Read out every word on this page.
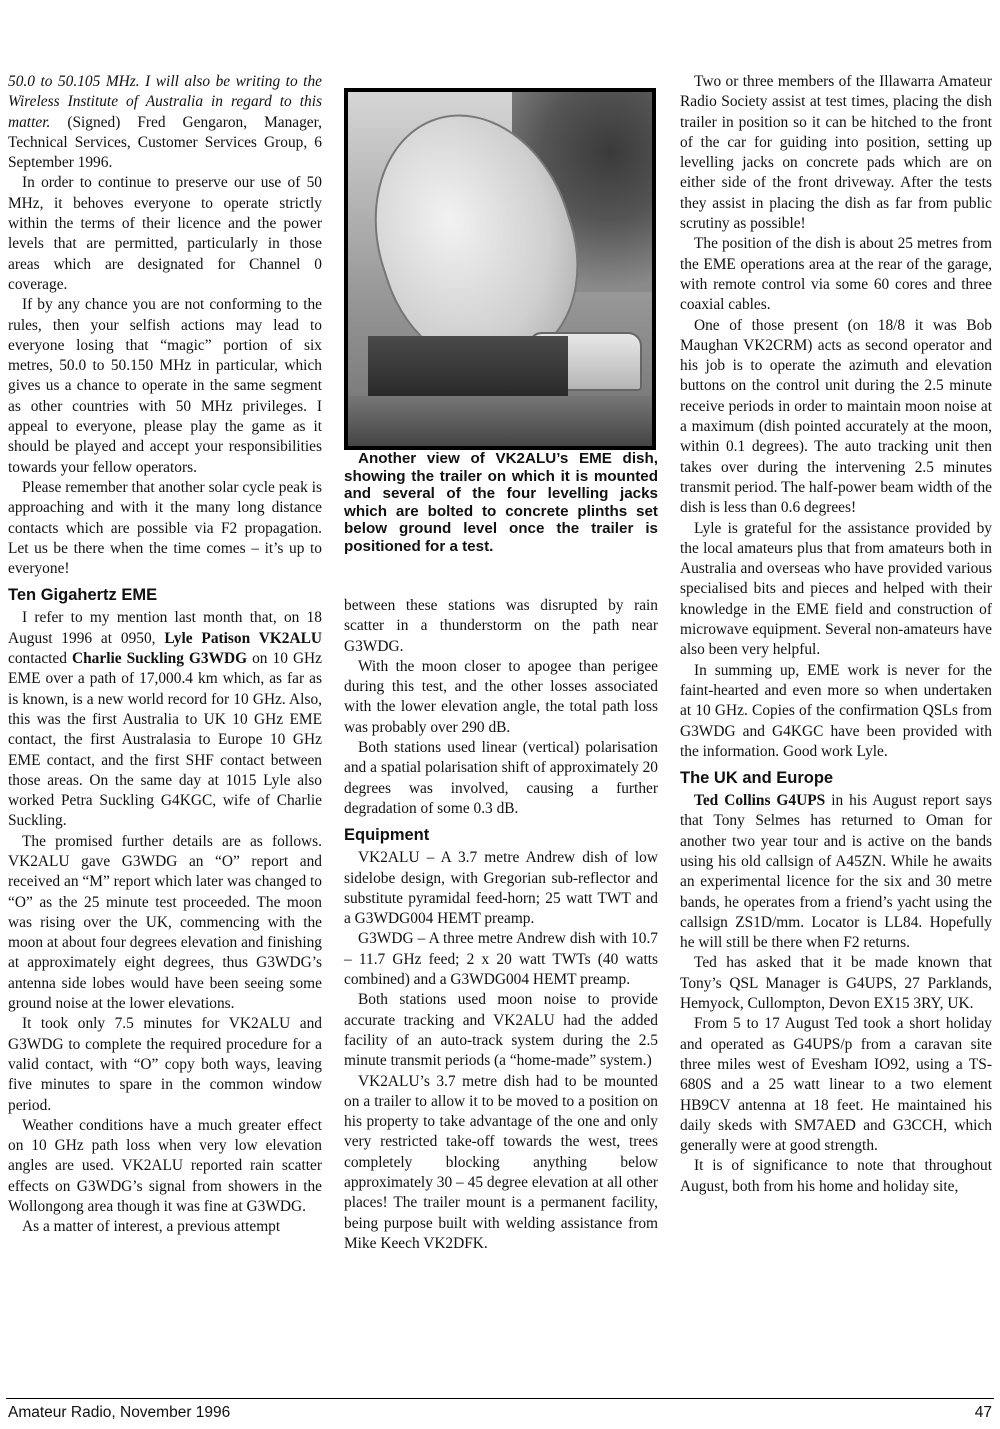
50.0 to 50.105 MHz. I will also be writing to the Wireless Institute of Australia in regard to this matter. (Signed) Fred Gengaron, Manager, Technical Services, Customer Services Group, 6 September 1996.

In order to continue to preserve our use of 50 MHz, it behoves everyone to operate strictly within the terms of their licence and the power levels that are permitted, particularly in those areas which are designated for Channel 0 coverage.

If by any chance you are not conforming to the rules, then your selfish actions may lead to everyone losing that “magic” portion of six metres, 50.0 to 50.150 MHz in particular, which gives us a chance to operate in the same segment as other countries with 50 MHz privileges. I appeal to everyone, please play the game as it should be played and accept your responsibilities towards your fellow operators.

Please remember that another solar cycle peak is approaching and with it the many long distance contacts which are possible via F2 propagation. Let us be there when the time comes – it’s up to everyone!

Ten Gigahertz EME

I refer to my mention last month that, on 18 August 1996 at 0950, Lyle Patison VK2ALU contacted Charlie Suckling G3WDG on 10 GHz EME over a path of 17,000.4 km which, as far as is known, is a new world record for 10 GHz. Also, this was the first Australia to UK 10 GHz EME contact, the first Australasia to Europe 10 GHz EME contact, and the first SHF contact between those areas. On the same day at 1015 Lyle also worked Petra Suckling G4KGC, wife of Charlie Suckling.

The promised further details are as follows. VK2ALU gave G3WDG an “O” report and received an “M” report which later was changed to “O” as the 25 minute test proceeded. The moon was rising over the UK, commencing with the moon at about four degrees elevation and finishing at approximately eight degrees, thus G3WDG’s antenna side lobes would have been seeing some ground noise at the lower elevations.

It took only 7.5 minutes for VK2ALU and G3WDG to complete the required procedure for a valid contact, with “O” copy both ways, leaving five minutes to spare in the common window period.

Weather conditions have a much greater effect on 10 GHz path loss when very low elevation angles are used. VK2ALU reported rain scatter effects on G3WDG’s signal from showers in the Wollongong area though it was fine at G3WDG.

As a matter of interest, a previous attempt

Another view of VK2ALU’s EME dish, showing the trailer on which it is mounted and several of the four levelling jacks which are bolted to concrete plinths set below ground level once the trailer is positioned for a test.

between these stations was disrupted by rain scatter in a thunderstorm on the path near G3WDG.

With the moon closer to apogee than perigee during this test, and the other losses associated with the lower elevation angle, the total path loss was probably over 290 dB.

Both stations used linear (vertical) polarisation and a spatial polarisation shift of approximately 20 degrees was involved, causing a further degradation of some 0.3 dB.

Equipment

VK2ALU – A 3.7 metre Andrew dish of low sidelobe design, with Gregorian sub-reflector and substitute pyramidal feed-horn; 25 watt TWT and a G3WDG004 HEMT preamp.

G3WDG – A three metre Andrew dish with 10.7 – 11.7 GHz feed; 2 x 20 watt TWTs (40 watts combined) and a G3WDG004 HEMT preamp.

Both stations used moon noise to provide accurate tracking and VK2ALU had the added facility of an auto-track system during the 2.5 minute transmit periods (a “home-made” system.)

VK2ALU’s 3.7 metre dish had to be mounted on a trailer to allow it to be moved to a position on his property to take advantage of the one and only very restricted take-off towards the west, trees completely blocking anything below approximately 30 – 45 degree elevation at all other places! The trailer mount is a permanent facility, being purpose built with welding assistance from Mike Keech VK2DFK.

Two or three members of the Illawarra Amateur Radio Society assist at test times, placing the dish trailer in position so it can be hitched to the front of the car for guiding into position, setting up levelling jacks on concrete pads which are on either side of the front driveway. After the tests they assist in placing the dish as far from public scrutiny as possible!

The position of the dish is about 25 metres from the EME operations area at the rear of the garage, with remote control via some 60 cores and three coaxial cables.

One of those present (on 18/8 it was Bob Maughan VK2CRM) acts as second operator and his job is to operate the azimuth and elevation buttons on the control unit during the 2.5 minute receive periods in order to maintain moon noise at a maximum (dish pointed accurately at the moon, within 0.1 degrees). The auto tracking unit then takes over during the intervening 2.5 minutes transmit period. The half-power beam width of the dish is less than 0.6 degrees!

Lyle is grateful for the assistance provided by the local amateurs plus that from amateurs both in Australia and overseas who have provided various specialised bits and pieces and helped with their knowledge in the EME field and construction of microwave equipment. Several non-amateurs have also been very helpful.

In summing up, EME work is never for the faint-hearted and even more so when undertaken at 10 GHz. Copies of the confirmation QSLs from G3WDG and G4KGC have been provided with the information. Good work Lyle.

The UK and Europe

Ted Collins G4UPS in his August report says that Tony Selmes has returned to Oman for another two year tour and is active on the bands using his old callsign of A45ZN. While he awaits an experimental licence for the six and 30 metre bands, he operates from a friend’s yacht using the callsign ZS1D/mm. Locator is LL84. Hopefully he will still be there when F2 returns.

Ted has asked that it be made known that Tony’s QSL Manager is G4UPS, 27 Parklands, Hemyock, Cullompton, Devon EX15 3RY, UK.

From 5 to 17 August Ted took a short holiday and operated as G4UPS/p from a caravan site three miles west of Evesham IO92, using a TS-680S and a 25 watt linear to a two element HB9CV antenna at 18 feet. He maintained his daily skeds with SM7AED and G3CCH, which generally were at good strength.

It is of significance to note that throughout August, both from his home and holiday site,

Amateur Radio, November 1996	47
